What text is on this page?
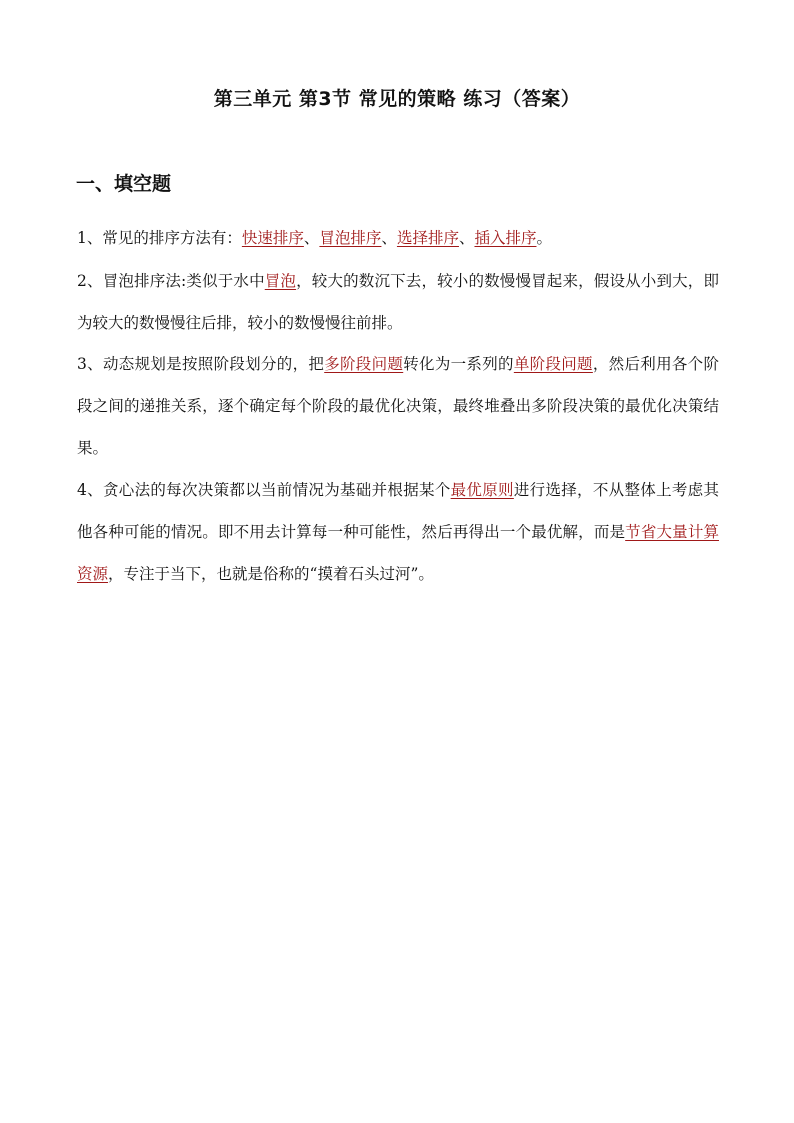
第三单元 第3节 常见的策略 练习（答案）
一、填空题

1、常见的排序方法有：快速排序、冒泡排序、选择排序、插入排序。

2、冒泡排序法:类似于水中冒泡，较大的数沉下去，较小的数慢慢冒起来，假设从小到大，即为较大的数慢慢往后排，较小的数慢慢往前排。

3、动态规划是按照阶段划分的，把多阶段问题转化为一系列的单阶段问题，然后利用各个阶段之间的递推关系，逐个确定每个阶段的最优化决策，最终堆叠出多阶段决策的最优化决策结果。

4、贪心法的每次决策都以当前情况为基础并根据某个最优原则进行选择，不从整体上考虑其他各种可能的情况。即不用去计算每一种可能性，然后再得出一个最优解，而是节省大量计算资源，专注于当下，也就是俗称的“摸着石头过河”。
